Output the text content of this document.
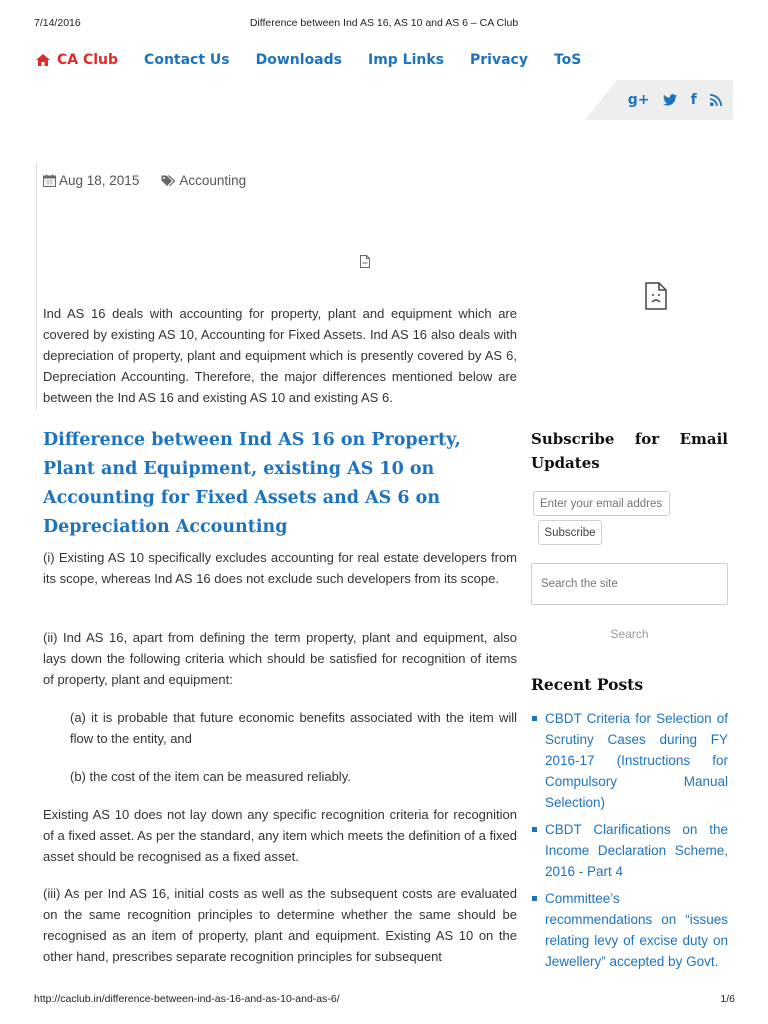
7/14/2016	Difference between Ind AS 16, AS 10 and AS 6 – CA Club
CA Club Contact Us Downloads Imp Links Privacy ToS
g+	f
Aug 18, 2015	Accounting

Ind AS 16 deals with accounting for property, plant and equipment which are covered by existing AS 10, Accounting for Fixed Assets. Ind AS 16 also deals with depreciation of property, plant and equipment which is presently covered by AS 6, Depreciation Accounting. Therefore, the major differences mentioned below are between the Ind AS 16 and existing AS 10 and existing AS 6.

Difference between Ind AS 16 on Property, Plant and Equipment, existing AS 10 on Accounting for Fixed Assets and AS 6 on Depreciation Accounting

(i) Existing AS 10 specifically excludes accounting for real estate developers from its scope, whereas Ind AS 16 does not exclude such developers from its scope.

(ii) Ind AS 16, apart from defining the term property, plant and equipment, also lays down the following criteria which should be satisfied for recognition of items of property, plant and equipment:

(a) it is probable that future economic benefits associated with the item will flow to the entity, and

(b) the cost of the item can be measured reliably.

Existing AS 10 does not lay down any specific recognition criteria for recognition of a fixed asset. As per the standard, any item which meets the definition of a fixed asset should be recognised as a fixed asset.

(iii) As per Ind AS 16, initial costs as well as the subsequent costs are evaluated on the same recognition principles to determine whether the same should be recognised as an item of property, plant and equipment. Existing AS 10 on the other hand, prescribes separate recognition principles for subsequent

Subscribe for Email Updates
Enter your email address
Subscribe
Search the site
Search
Recent Posts
CBDT Criteria for Selection of Scrutiny Cases during FY 2016-17 (Instructions for Compulsory Manual Selection)
CBDT Clarifications on the Income Declaration Scheme, 2016 - Part 4
Committee’s recommendations on “issues relating levy of excise duty on Jewellery” accepted by Govt.
http://caclub.in/difference-between-ind-as-16-and-as-10-and-as-6/	1/6
